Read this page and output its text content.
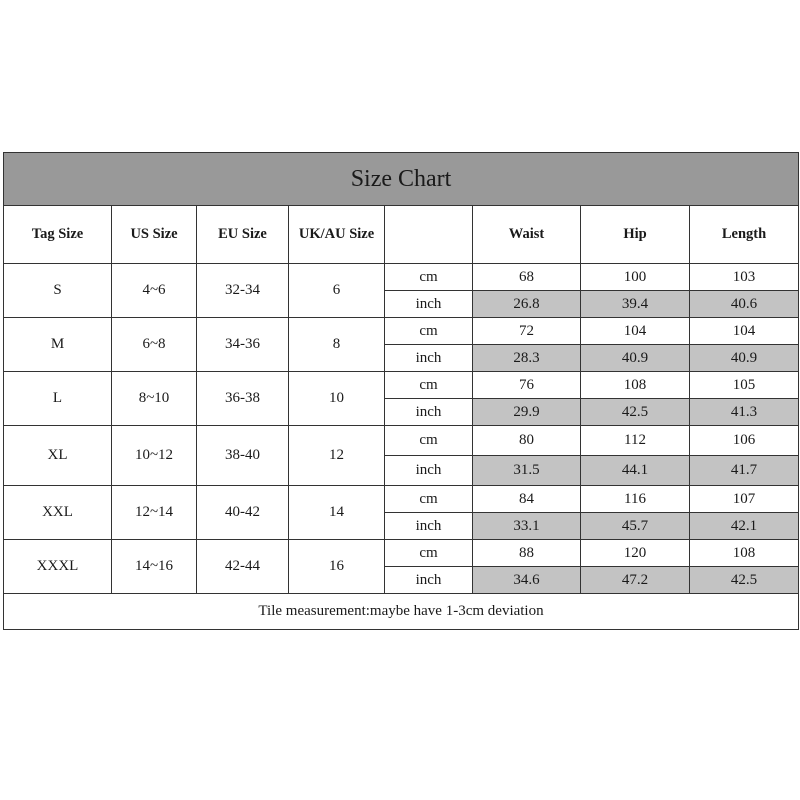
Size Chart							
Tag Size	US Size	EU Size	UK/AU Size		Waist	Hip	Length
S	4~6	32-34	6	cm	68	100	103
				inch	26.8	39.4	40.6
M	6~8	34-36	8	cm	72	104	104
				inch	28.3	40.9	40.9
L	8~10	36-38	10	cm	76	108	105
				inch	29.9	42.5	41.3
XL	10~12	38-40	12	cm	80	112	106
				inch	31.5	44.1	41.7
XXL	12~14	40-42	14	cm	84	116	107
				inch	33.1	45.7	42.1
XXXL	14~16	42-44	16	cm	88	120	108
				inch	34.6	47.2	42.5
Tile measurement:maybe have 1-3cm deviation							
